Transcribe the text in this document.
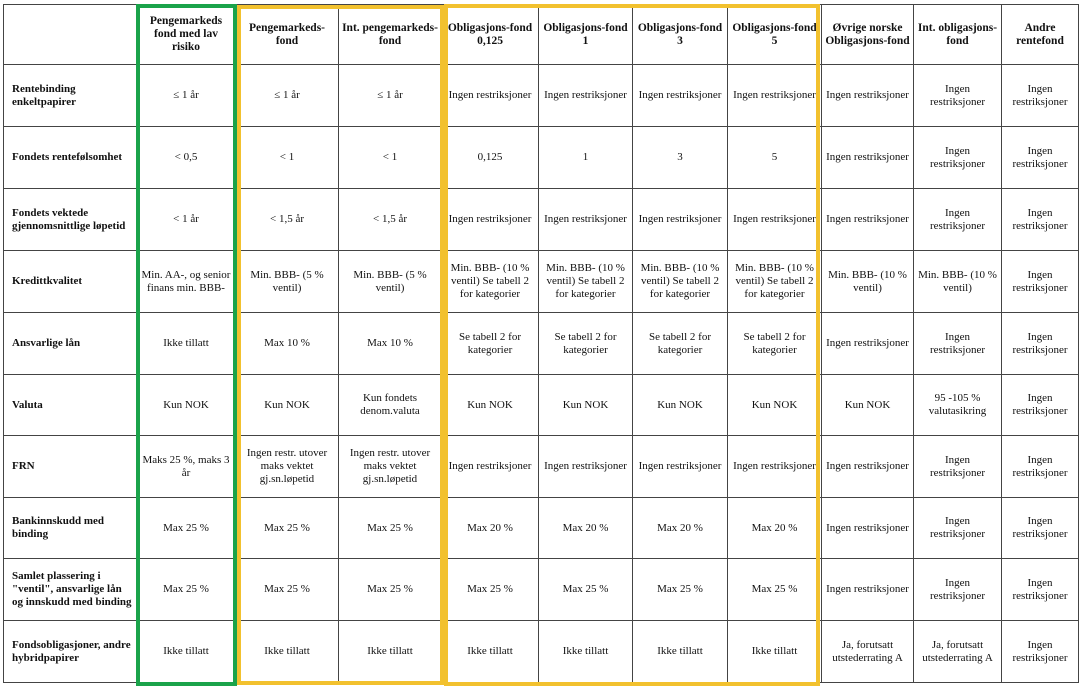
	Pengemarkeds fond med lav risiko	Pengemarkeds-fond	Int. pengemarkeds-fond	Obligasjons-fond 0,125	Obligasjons-fond 1	Obligasjons-fond 3	Obligasjons-fond 5	Øvrige norske Obligasjons-fond	Int. obligasjons-fond	Andre rentefond
Rentebinding enkeltpapirer	≤ 1 år	≤ 1 år	≤ 1 år	Ingen restriksjoner	Ingen restriksjoner	Ingen restriksjoner	Ingen restriksjoner	Ingen restriksjoner	Ingen restriksjoner	Ingen restriksjoner
Fondets rentefølsomhet	< 0,5	< 1	< 1	0,125	1	3	5	Ingen restriksjoner	Ingen restriksjoner	Ingen restriksjoner
Fondets vektede gjennomsnittlige løpetid	< 1 år	< 1,5 år	< 1,5 år	Ingen restriksjoner	Ingen restriksjoner	Ingen restriksjoner	Ingen restriksjoner	Ingen restriksjoner	Ingen restriksjoner	Ingen restriksjoner
Kredittkvalitet	Min. AA-, og senior finans min. BBB-	Min. BBB- (5 % ventil)	Min. BBB- (5 % ventil)	Min. BBB- (10 % ventil) Se tabell 2 for kategorier	Min. BBB- (10 % ventil) Se tabell 2 for kategorier	Min. BBB- (10 % ventil) Se tabell 2 for kategorier	Min. BBB- (10 % ventil) Se tabell 2 for kategorier	Min. BBB- (10 % ventil)	Min. BBB- (10 % ventil)	Ingen restriksjoner
Ansvarlige lån	Ikke tillatt	Max 10 %	Max 10 %	Se tabell 2 for kategorier	Se tabell 2 for kategorier	Se tabell 2 for kategorier	Se tabell 2 for kategorier	Ingen restriksjoner	Ingen restriksjoner	Ingen restriksjoner
Valuta	Kun NOK	Kun NOK	Kun fondets denom.valuta	Kun NOK	Kun NOK	Kun NOK	Kun NOK	Kun NOK	95 -105 % valutasikring	Ingen restriksjoner
FRN	Maks 25 %, maks 3 år	Ingen restr. utover maks vektet gj.sn.løpetid	Ingen restr. utover maks vektet gj.sn.løpetid	Ingen restriksjoner	Ingen restriksjoner	Ingen restriksjoner	Ingen restriksjoner	Ingen restriksjoner	Ingen restriksjoner	Ingen restriksjoner
Bankinnskudd med binding	Max 25 %	Max 25 %	Max 25 %	Max 20 %	Max 20 %	Max 20 %	Max 20 %	Ingen restriksjoner	Ingen restriksjoner	Ingen restriksjoner
Samlet plassering i "ventil", ansvarlige lån og innskudd med binding	Max 25 %	Max 25 %	Max 25 %	Max 25 %	Max 25 %	Max 25 %	Max 25 %	Ingen restriksjoner	Ingen restriksjoner	Ingen restriksjoner
Fondsobligasjoner, andre hybridpapirer	Ikke tillatt	Ikke tillatt	Ikke tillatt	Ikke tillatt	Ikke tillatt	Ikke tillatt	Ikke tillatt	Ja, forutsatt utstederrating A	Ja, forutsatt utstederrating A	Ingen restriksjoner
